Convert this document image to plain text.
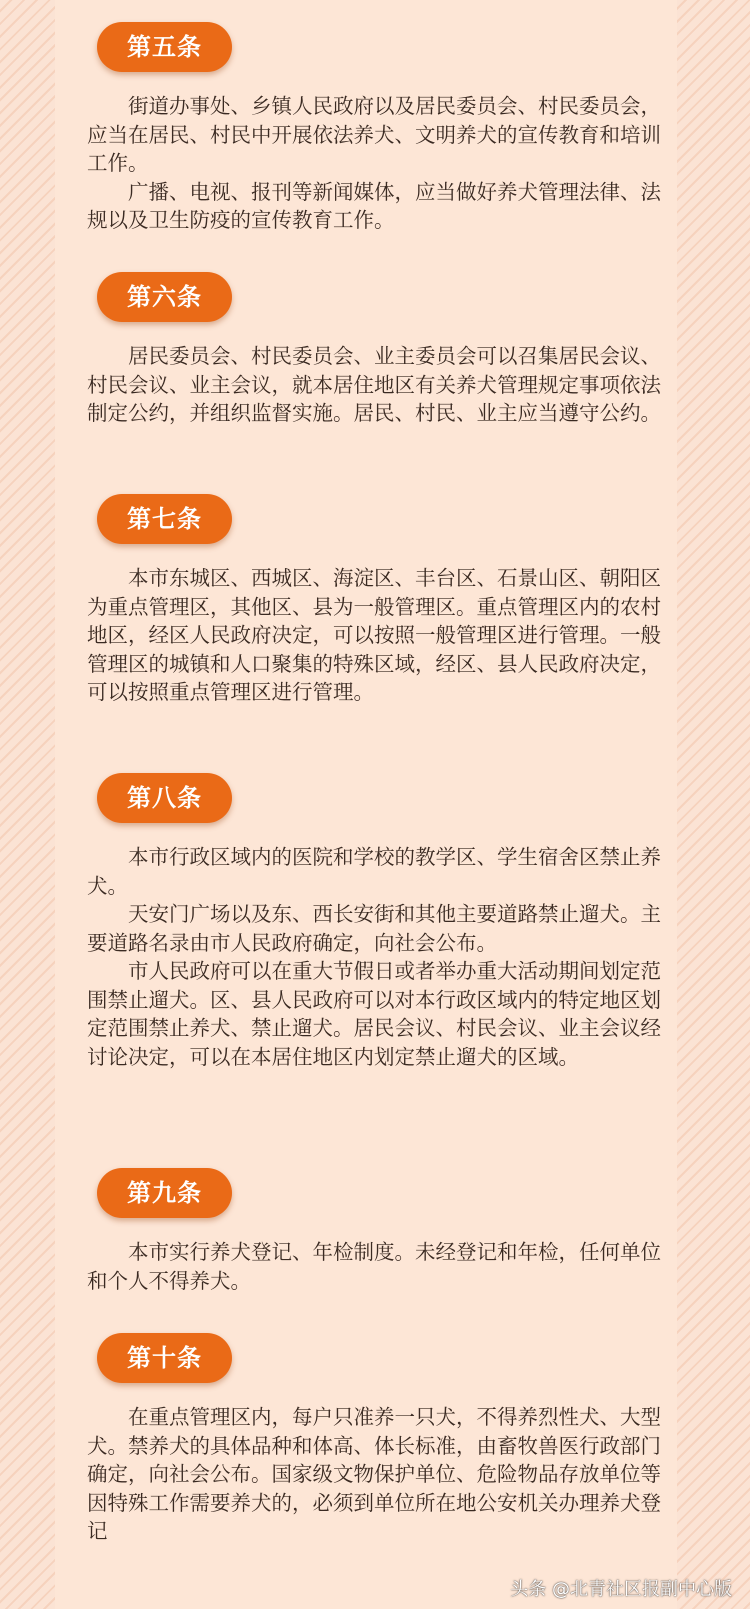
第五条

街道办事处、乡镇人民政府以及居民委员会、村民委员会，应当在居民、村民中开展依法养犬、文明养犬的宣传教育和培训工作。

广播、电视、报刊等新闻媒体，应当做好养犬管理法律、法规以及卫生防疫的宣传教育工作。

第六条

居民委员会、村民委员会、业主委员会可以召集居民会议、村民会议、业主会议，就本居住地区有关养犬管理规定事项依法制定公约，并组织监督实施。居民、村民、业主应当遵守公约。

第七条

本市东城区、西城区、海淀区、丰台区、石景山区、朝阳区为重点管理区，其他区、县为一般管理区。重点管理区内的农村地区，经区人民政府决定，可以按照一般管理区进行管理。一般管理区的城镇和人口聚集的特殊区域，经区、县人民政府决定，可以按照重点管理区进行管理。

第八条

本市行政区域内的医院和学校的教学区、学生宿舍区禁止养犬。

天安门广场以及东、西长安街和其他主要道路禁止遛犬。主要道路名录由市人民政府确定，向社会公布。

市人民政府可以在重大节假日或者举办重大活动期间划定范围禁止遛犬。区、县人民政府可以对本行政区域内的特定地区划定范围禁止养犬、禁止遛犬。居民会议、村民会议、业主会议经讨论决定，可以在本居住地区内划定禁止遛犬的区域。

第九条

本市实行养犬登记、年检制度。未经登记和年检，任何单位和个人不得养犬。

第十条

在重点管理区内，每户只准养一只犬，不得养烈性犬、大型犬。禁养犬的具体品种和体高、体长标准，由畜牧兽医行政部门确定，向社会公布。国家级文物保护单位、危险物品存放单位等因特殊工作需要养犬的，必须到单位所在地公安机关办理养犬登记

头条 @北青社区报副中心版
